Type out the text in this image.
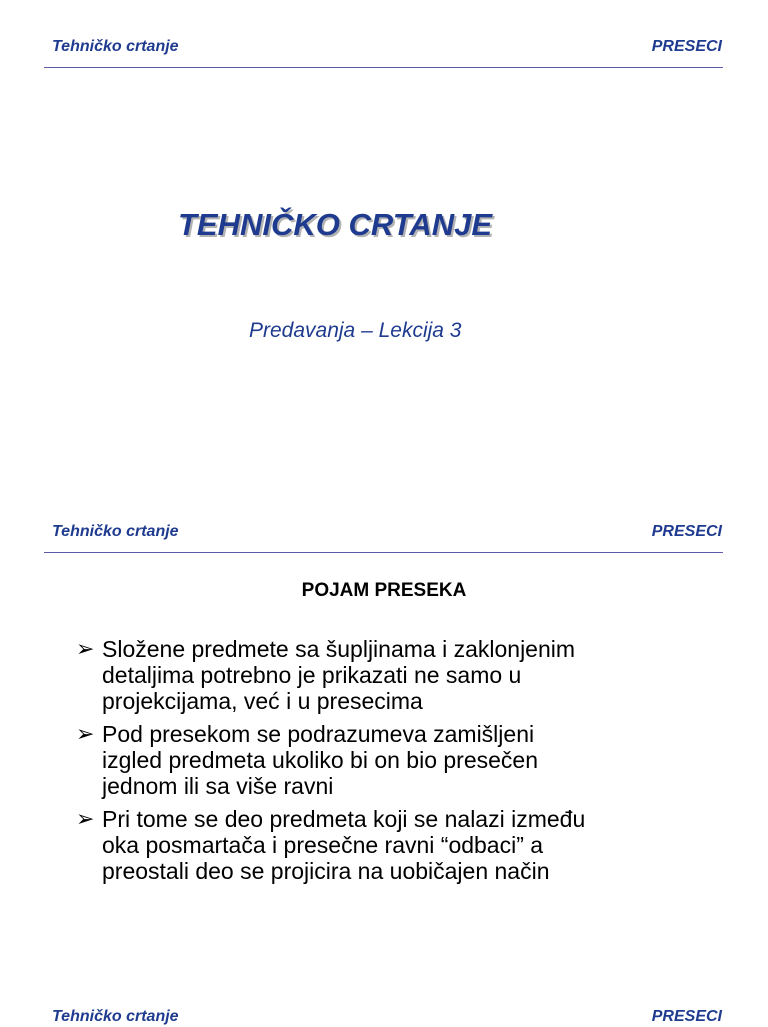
Tehničko crtanje	PRESECI
TEHNIČKO CRTANJE
Predavanja – Lekcija 3
Tehničko crtanje	PRESECI
POJAM PRESEKA
➢ Složene predmete sa šupljinama i zaklonjenim
detaljima potrebno je prikazati ne samo u
projekcijama, već i u presecima
➢ Pod presekom se podrazumeva zamišljeni
izgled predmeta ukoliko bi on bio presečen
jednom ili sa više ravni
➢ Pri tome se deo predmeta koji se nalazi između
oka posmartača i presečne ravni “odbaci” a
preostali deo se projicira na uobičajen način
Tehničko crtanje	PRESECI
